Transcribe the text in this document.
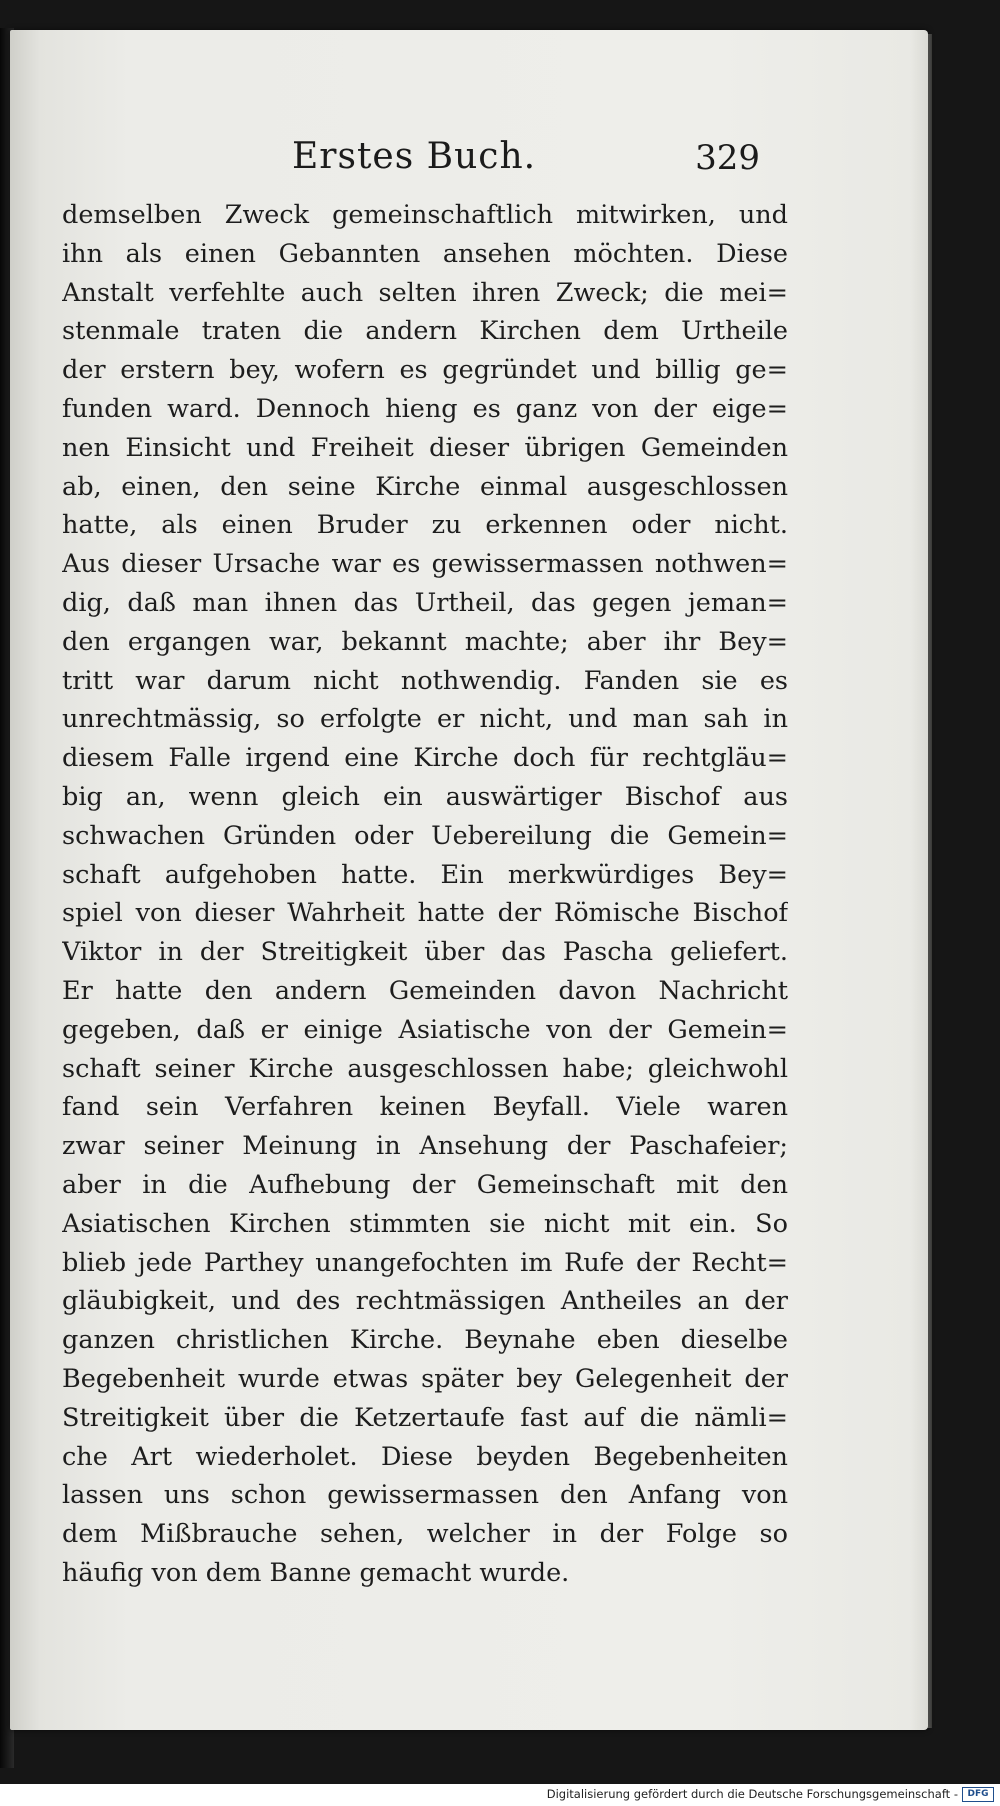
Erstes Buch.	329
demselben Zweck gemeinschaftlich mitwirken, und
ihn als einen Gebannten ansehen möchten. Diese
Anstalt verfehlte auch selten ihren Zweck; die mei=
stenmale traten die andern Kirchen dem Urtheile
der erstern bey, wofern es gegründet und billig ge=
funden ward. Dennoch hieng es ganz von der eige=
nen Einsicht und Freiheit dieser übrigen Gemeinden
ab, einen, den seine Kirche einmal ausgeschlossen
hatte, als einen Bruder zu erkennen oder nicht.
Aus dieser Ursache war es gewissermassen nothwen=
dig, daß man ihnen das Urtheil, das gegen jeman=
den ergangen war, bekannt machte; aber ihr Bey=
tritt war darum nicht nothwendig. Fanden sie es
unrechtmässig, so erfolgte er nicht, und man sah in
diesem Falle irgend eine Kirche doch für rechtgläu=
big an, wenn gleich ein auswärtiger Bischof aus
schwachen Gründen oder Uebereilung die Gemein=
schaft aufgehoben hatte. Ein merkwürdiges Bey=
spiel von dieser Wahrheit hatte der Römische Bischof
Viktor in der Streitigkeit über das Pascha geliefert.
Er hatte den andern Gemeinden davon Nachricht
gegeben, daß er einige Asiatische von der Gemein=
schaft seiner Kirche ausgeschlossen habe; gleichwohl
fand sein Verfahren keinen Beyfall. Viele waren
zwar seiner Meinung in Ansehung der Paschafeier;
aber in die Aufhebung der Gemeinschaft mit den
Asiatischen Kirchen stimmten sie nicht mit ein. So
blieb jede Parthey unangefochten im Rufe der Recht=
gläubigkeit, und des rechtmässigen Antheiles an der
ganzen christlichen Kirche. Beynahe eben dieselbe
Begebenheit wurde etwas später bey Gelegenheit der
Streitigkeit über die Ketzertaufe fast auf die nämli=
che Art wiederholet. Diese beyden Begebenheiten
lassen uns schon gewissermassen den Anfang von
dem Mißbrauche sehen, welcher in der Folge so
häufig von dem Banne gemacht wurde.
Digitalisierung gefördert durch die Deutsche Forschungsgemeinschaft -	DFG
